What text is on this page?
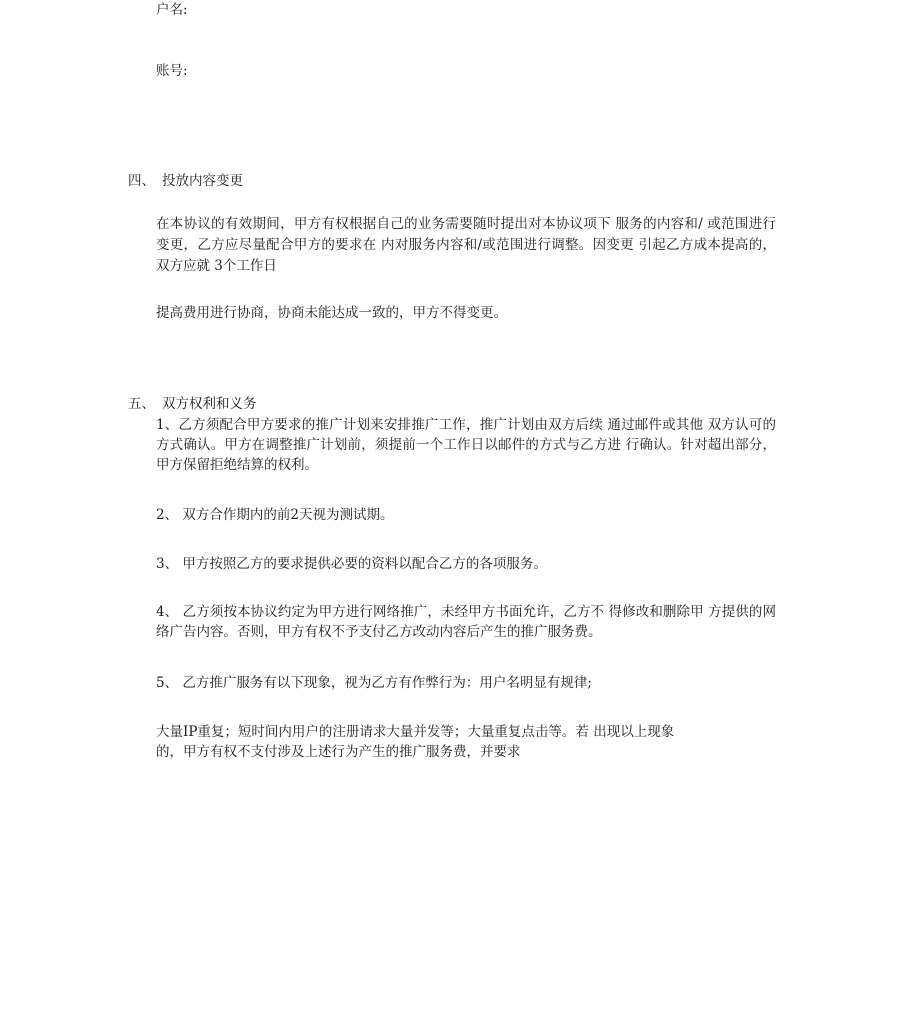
户名:
账号:
四、 投放内容变更
在本协议的有效期间，甲方有权根据自己的业务需要随时提出对本协议项下 服务的内容和/ 或范围进行变更，乙方应尽量配合甲方的要求在 内对服务内容和/或范围进行调整。因变更 引起乙方成本提高的，双方应就 3个工作日
提高费用进行协商，协商未能达成一致的，甲方不得变更。
五、 双方权利和义务
1、乙方须配合甲方要求的推广计划来安排推广工作，推广计划由双方后续 通过邮件或其他 双方认可的方式确认。甲方在调整推广计划前，须提前一个工作日以邮件的方式与乙方进 行确认。针对超出部分，甲方保留拒绝结算的权利。
2、 双方合作期内的前2天视为测试期。
3、 甲方按照乙方的要求提供必要的资料以配合乙方的各项服务。
4、 乙方须按本协议约定为甲方进行网络推广，未经甲方书面允许，乙方不 得修改和删除甲 方提供的网络广告内容。否则，甲方有权不予支付乙方改动内容后产生的推广服务费。
5、 乙方推广服务有以下现象，视为乙方有作弊行为：用户名明显有规律;
大量IP重复；短时间内用户的注册请求大量并发等；大量重复点击等。若 出现以上现象
的，甲方有权不支付涉及上述行为产生的推广服务费，并要求
